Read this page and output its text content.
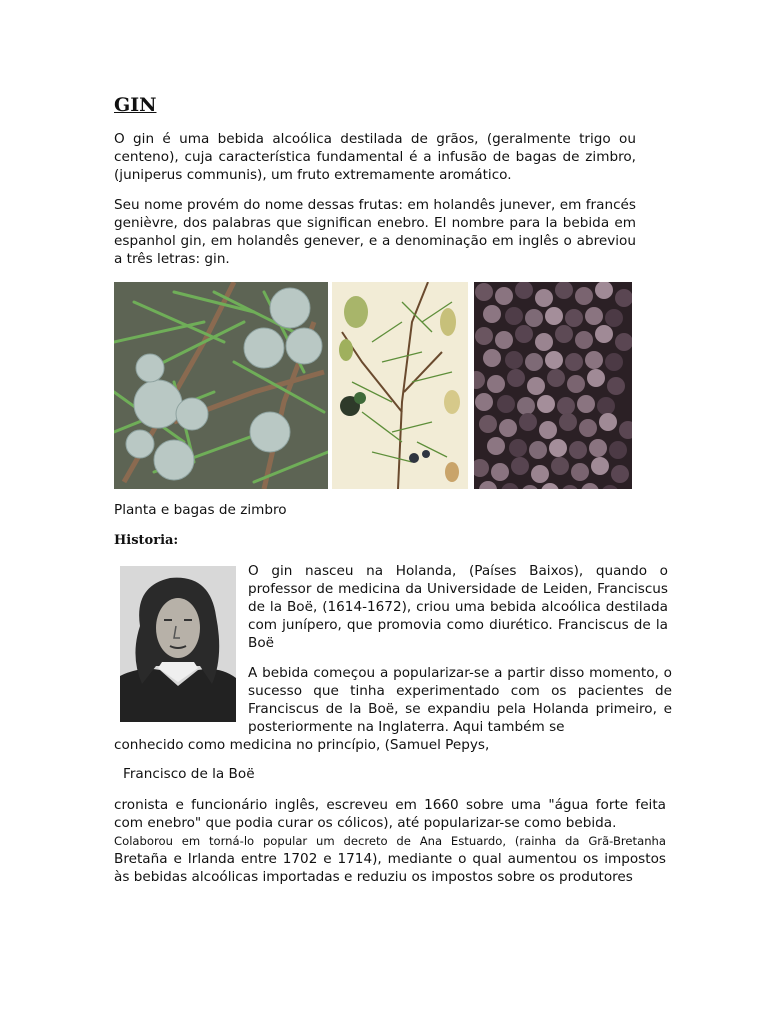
GIN

O gin é uma bebida alcoólica destilada de grãos, (geralmente trigo ou centeno), cuja característica fundamental é a infusão de bagas de zimbro, (juniperus communis), um fruto extremamente aromático.

Seu nome provém do nome dessas frutas: em holandês junever, em francés genièvre, dos palabras que significan enebro. El nombre para la bebida em espanhol gin, em holandês genever, e a denominação em inglês o abreviou a três letras: gin.

Planta e bagas de zimbro

Historia:

O gin nasceu na Holanda, (Países Baixos), quando o professor de medicina da Universidade de Leiden, Franciscus de la Boë, (1614-1672), criou uma bebida alcoólica destilada com junípero, que promovia como diurético. Franciscus de la Boë

A bebida começou a popularizar-se a partir disso momento, o sucesso que tinha experimentado com os pacientes de Franciscus de la Boë, se expandiu pela Holanda primeiro, e posteriormente na Inglaterra. Aqui também se

conhecido como medicina no princípio, (Samuel Pepys,

Francisco de la Boë

cronista e funcionário inglês, escreveu em 1660 sobre uma "água forte feita com enebro" que podia curar os cólicos), até popularizar-se como bebida.
Colaborou em torná-lo popular um decreto de Ana Estuardo, (rainha da Grã-Bretanha
Bretaña e Irlanda entre 1702 e 1714), mediante o qual aumentou os impostos às bebidas alcoólicas importadas e reduziu os impostos sobre os produtores
